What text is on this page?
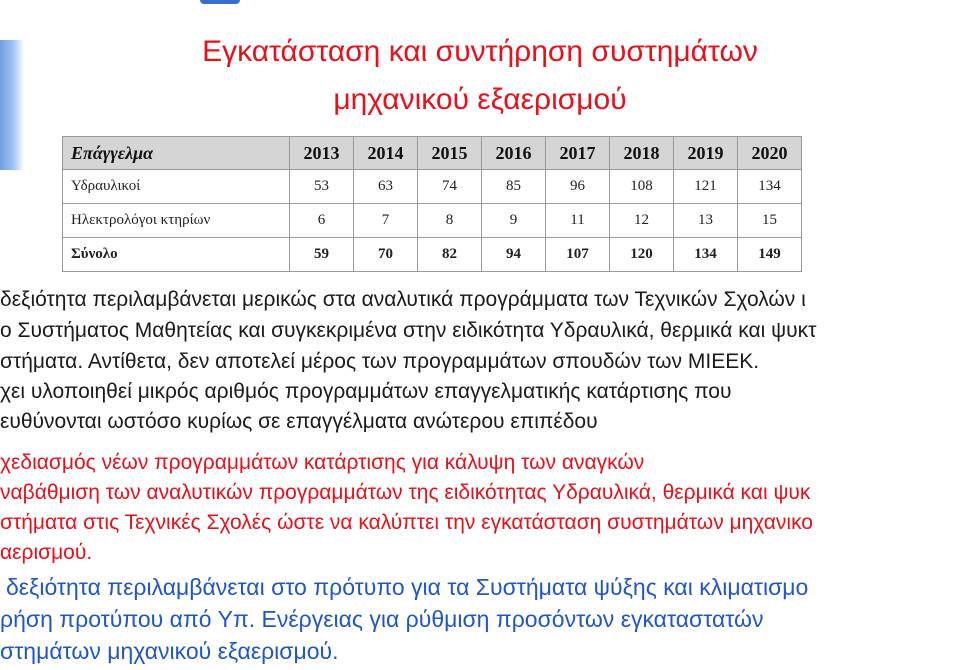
Εγκατάσταση και συντήρηση συστημάτων
μηχανικού εξαερισμού
Επάγγελμα	2013	2014	2015	2016	2017	2018	2019	2020
Υδραυλικοί	53	63	74	85	96	108	121	134
Ηλεκτρολόγοι κτηρίων	6	7	8	9	11	12	13	15
Σύνολο	59	70	82	94	107	120	134	149
δεξιότητα περιλαμβάνεται μερικώς στα αναλυτικά προγράμματα των Τεχνικών Σχολών ι
ο Συστήματος Μαθητείας και συγκεκριμένα στην ειδικότητα Υδραυλικά, θερμικά και ψυκτ
στήματα. Αντίθετα, δεν αποτελεί μέρος των προγραμμάτων σπουδών των ΜΙΕΕΚ.
χει υλοποιηθεί μικρός αριθμός προγραμμάτων επαγγελματικής κατάρτισης που
ευθύνονται ωστόσο κυρίως σε επαγγέλματα ανώτερου επιπέδου
χεδιασμός νέων προγραμμάτων κατάρτισης για κάλυψη των αναγκών
ναβάθμιση των αναλυτικών προγραμμάτων της ειδικότητας Υδραυλικά, θερμικά και ψυκ
στήματα στις Τεχνικές Σχολές ώστε να καλύπτει την εγκατάσταση συστημάτων μηχανικο
αερισμού.
δεξιότητα περιλαμβάνεται στο πρότυπο για τα Συστήματα ψύξης και κλιματισμο
ρήση προτύπου από Υπ. Ενέργειας για ρύθμιση προσόντων εγκαταστατών
στημάτων μηχανικού εξαερισμού.
